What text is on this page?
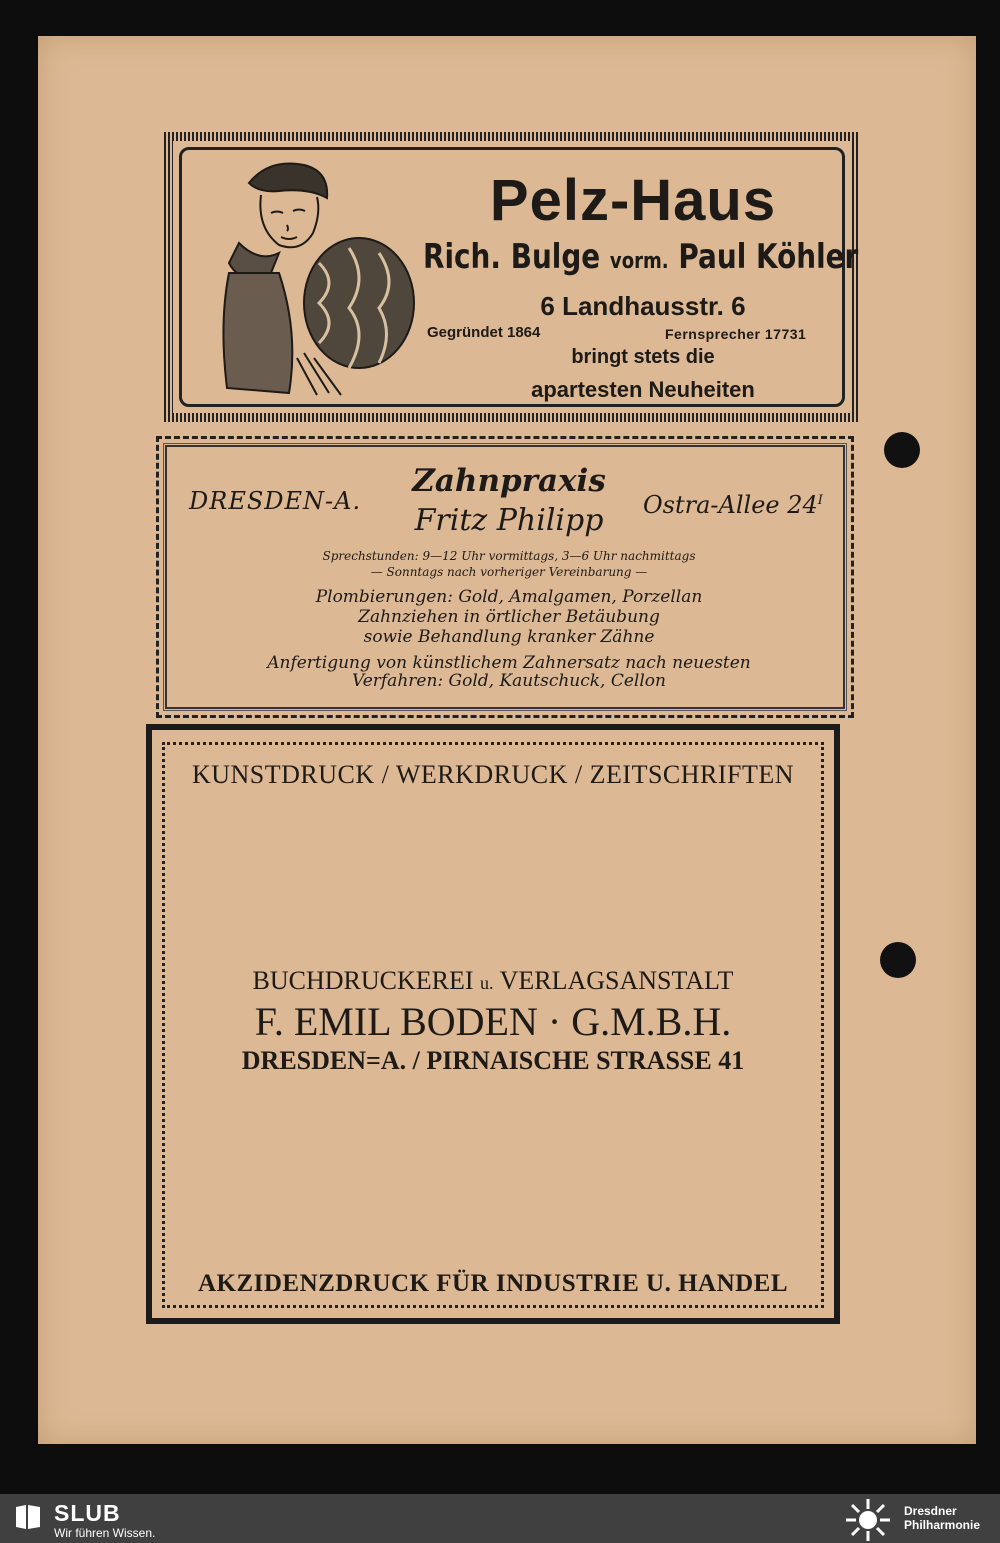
Pelz-Haus
Rich. Bulge vorm. Paul Köhler
6 Landhausstr. 6
Gegründet 1864	Fernsprecher 17731
bringt stets die
apartesten Neuheiten
DRESDEN-A.
Zahnpraxis
Fritz Philipp	Ostra-Allee $24^I$
Sprechstunden: 9—12 Uhr vormittags, 3—6 Uhr nachmittags
— Sonntags nach vorheriger Vereinbarung —
Plombierungen: Gold, Amalgamen, Porzellan
Zahnziehen in örtlicher Betäubung
sowie Behandlung kranker Zähne
Anfertigung von künstlichem Zahnersatz nach neuesten
Verfahren: Gold, Kautschuck, Cellon
KUNSTDRUCK / WERKDRUCK / ZEITSCHRIFTEN
BUCHDRUCKEREI u. VERLAGSANSTALT
F. EMIL BODEN · G.M.B.H.
DRESDEN=A. / PIRNAISCHE STRASSE 41
AKZIDENZDRUCK FÜR INDUSTRIE U. HANDEL
SLUB
Wir führen Wissen.
Dresdner
Philharmonie
